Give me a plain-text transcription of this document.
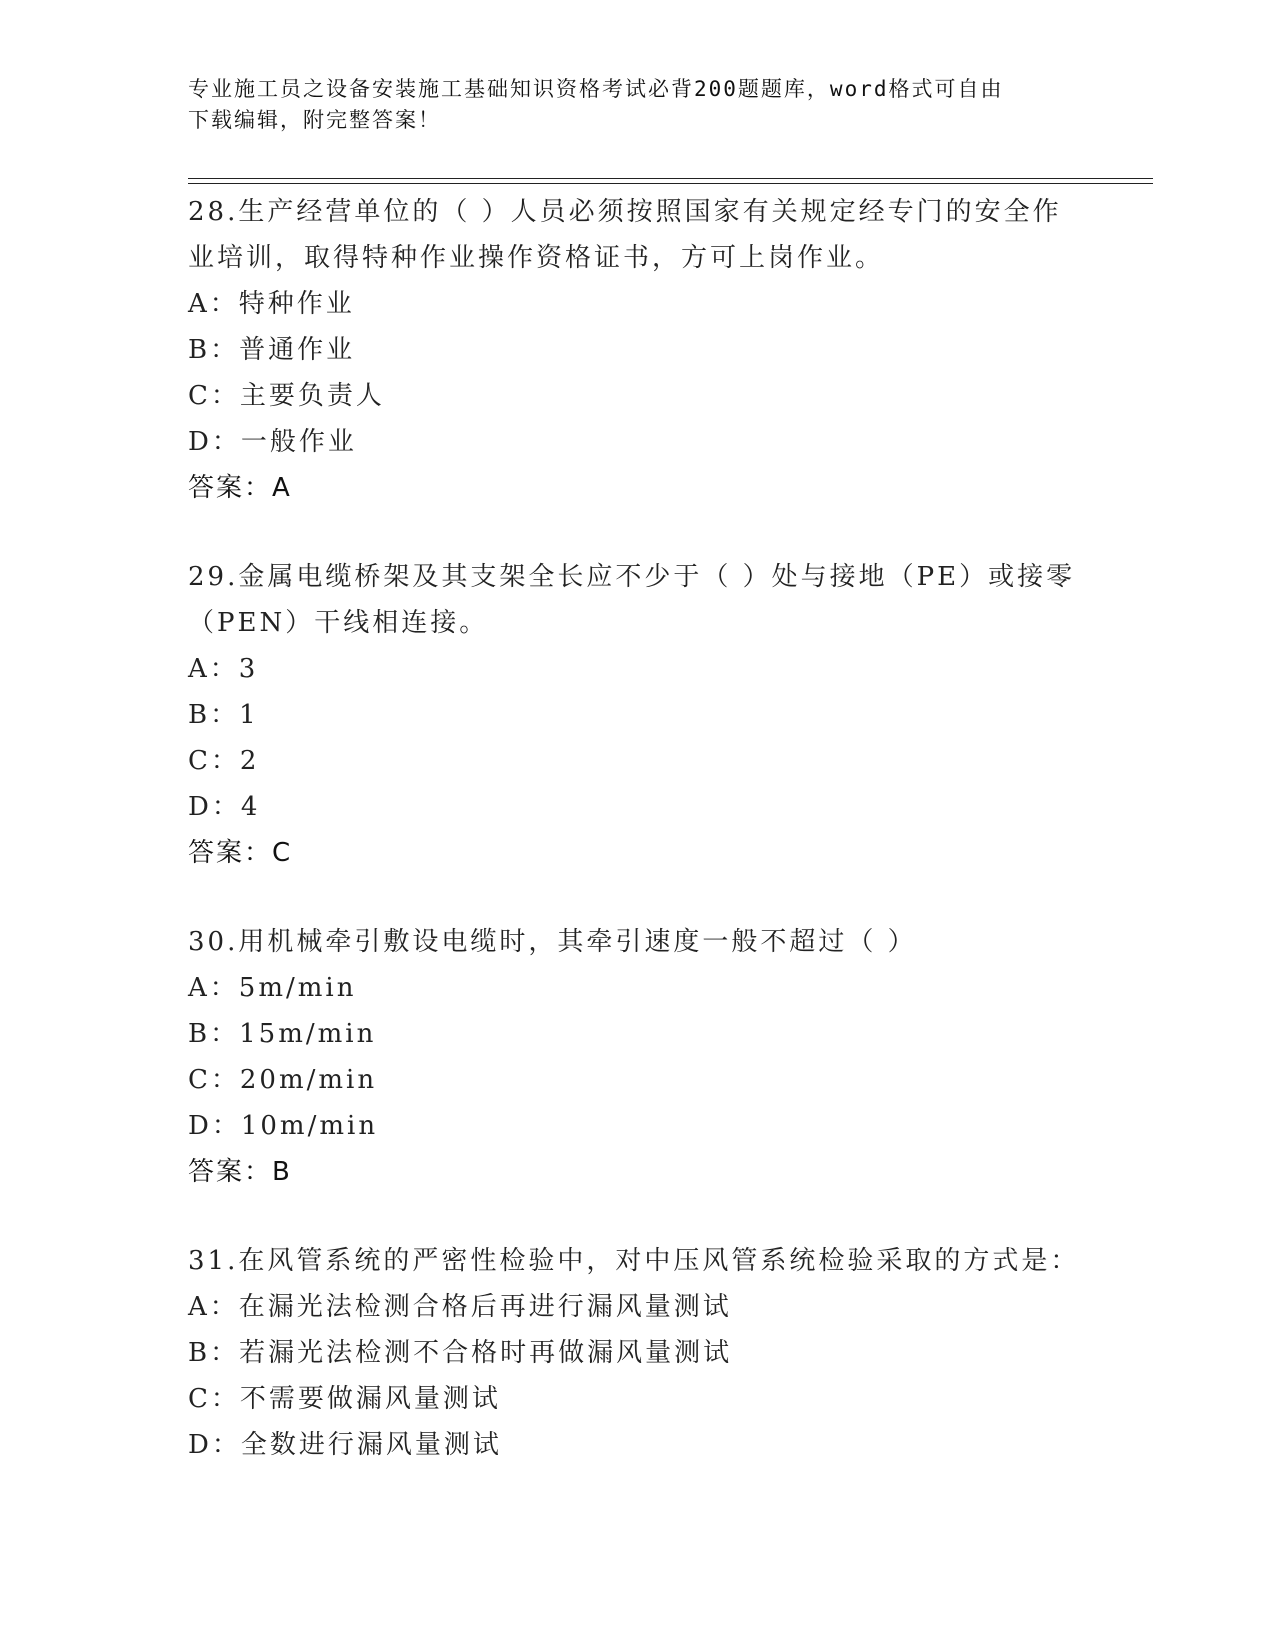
专业施工员之设备安装施工基础知识资格考试必背200题题库，word格式可自由
下载编辑，附完整答案！
28.生产经营单位的（ ）人员必须按照国家有关规定经专门的安全作
业培训，取得特种作业操作资格证书，方可上岗作业。
A：特种作业
B：普通作业
C：主要负责人
D：一般作业
答案：A
29.金属电缆桥架及其支架全长应不少于（ ）处与接地（PE）或接零
（PEN）干线相连接。
A：3
B：1
C：2
D：4
答案：C
30.用机械牵引敷设电缆时，其牵引速度一般不超过（ ）
A：5m/min
B：15m/min
C：20m/min
D：10m/min
答案：B
31.在风管系统的严密性检验中，对中压风管系统检验采取的方式是：
A：在漏光法检测合格后再进行漏风量测试
B：若漏光法检测不合格时再做漏风量测试
C：不需要做漏风量测试
D：全数进行漏风量测试
